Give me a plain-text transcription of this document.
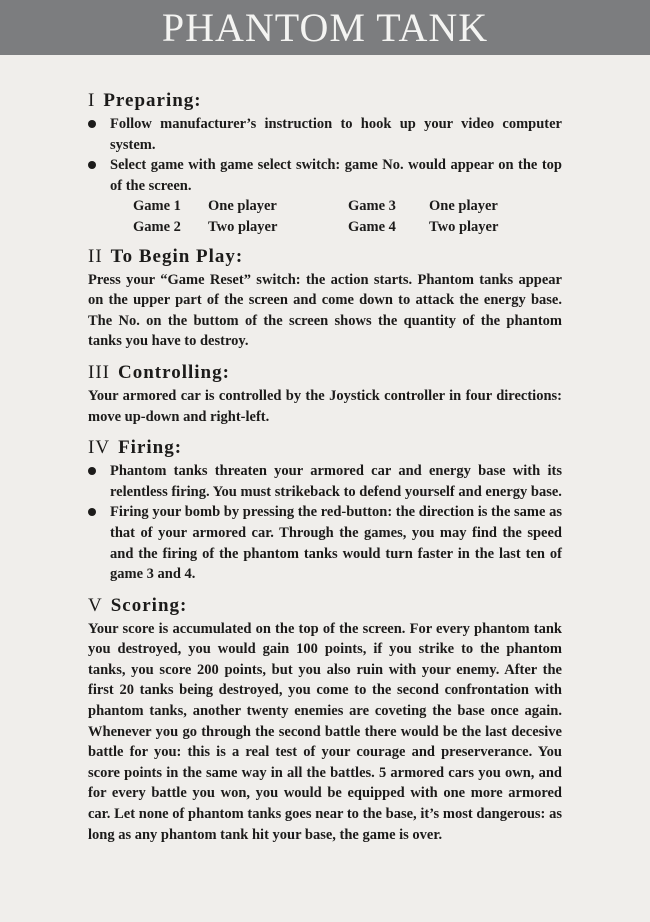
PHANTOM TANK
I Preparing:
Follow manufacturer’s instruction to hook up your video computer system.
Select game with game select switch: game No. would appear on the top of the screen.
Game 1	One player	Game 3	One player
Game 2	Two player	Game 4	Two player
II To Begin Play:

Press your “Game Reset” switch: the action starts. Phantom tanks appear on the upper part of the screen and come down to attack the energy base. The No. on the buttom of the screen shows the quantity of the phantom tanks you have to destroy.

III Controlling:

Your armored car is controlled by the Joystick controller in four directions: move up-down and right-left.

IV Firing:
Phantom tanks threaten your armored car and energy base with its relentless firing. You must strikeback to defend yourself and energy base.
Firing your bomb by pressing the red-button: the direction is the same as that of your armored car. Through the games, you may find the speed and the firing of the phantom tanks would turn faster in the last ten of game 3 and 4.
V Scoring:

Your score is accumulated on the top of the screen. For every phantom tank you destroyed, you would gain 100 points, if you strike to the phantom tanks, you score 200 points, but you also ruin with your enemy. After the first 20 tanks being destroyed, you come to the second confrontation with phantom tanks, another twenty enemies are coveting the base once again. Whenever you go through the second battle there would be the last decesive battle for you: this is a real test of your courage and preserverance. You score points in the same way in all the battles. 5 armored cars you own, and for every battle you won, you would be equipped with one more armored car. Let none of phantom tanks goes near to the base, it’s most dangerous: as long as any phantom tank hit your base, the game is over.
